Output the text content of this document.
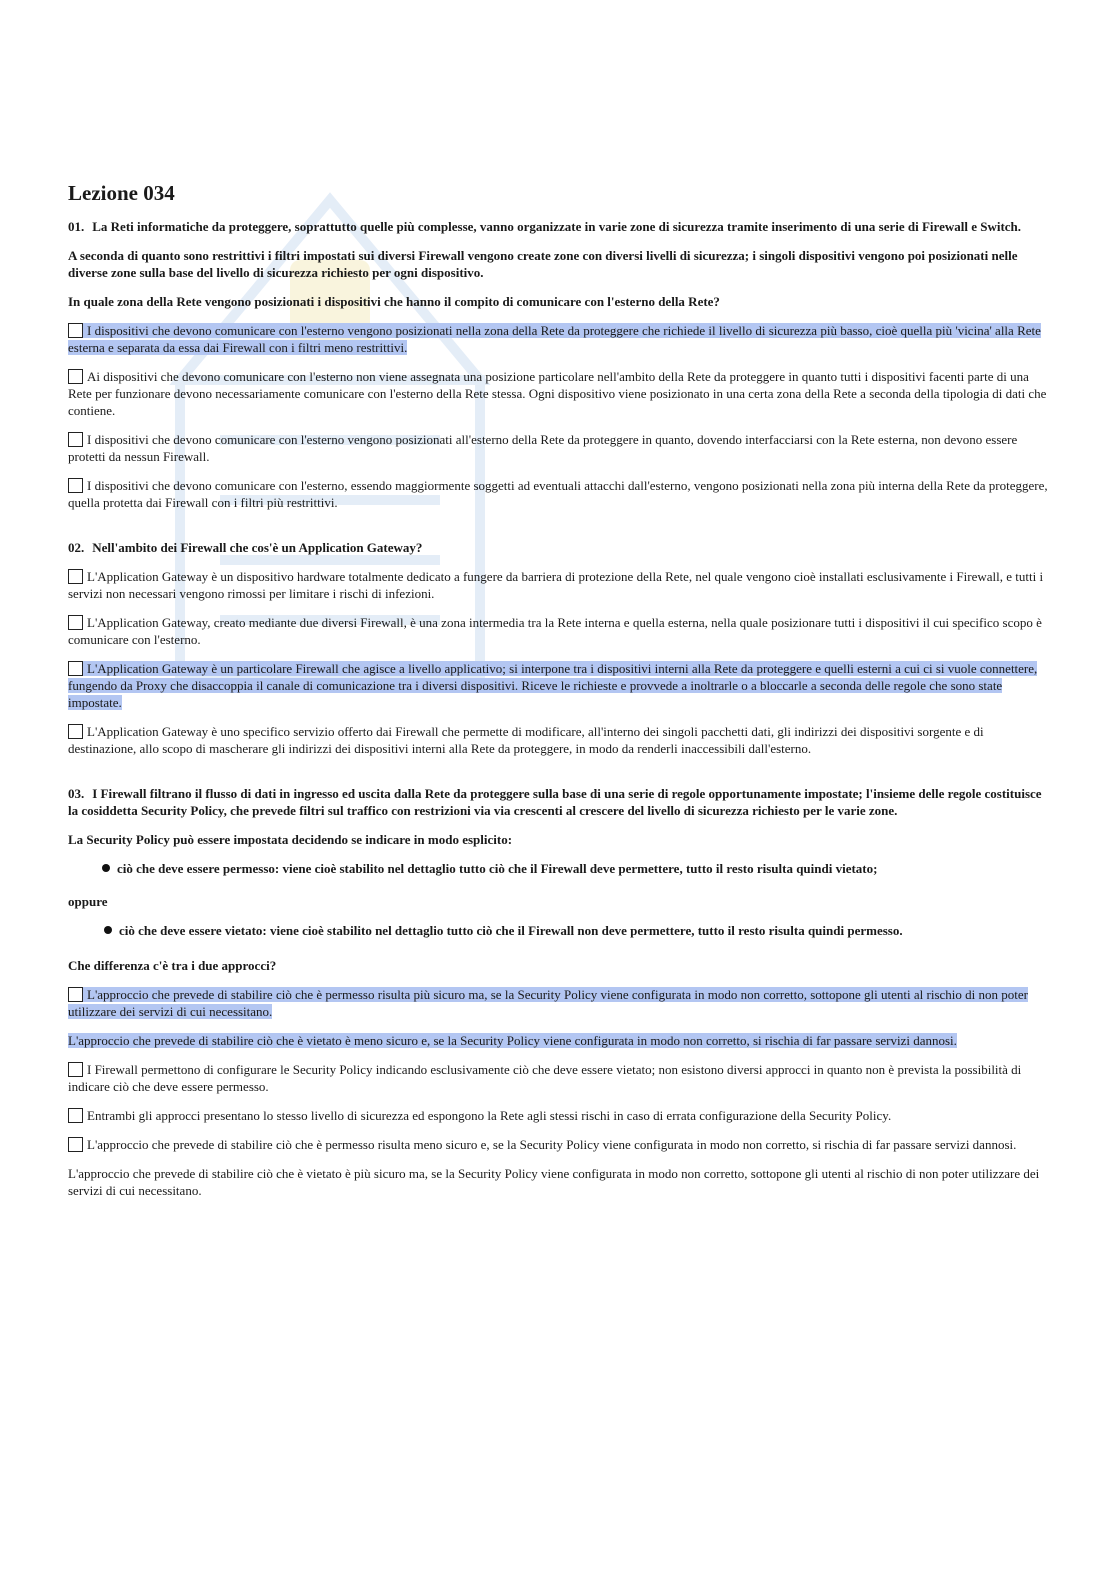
Lezione 034
01. La Reti informatiche da proteggere, soprattutto quelle più complesse, vanno organizzate in varie zone di sicurezza tramite inserimento di una serie di Firewall e Switch.
A seconda di quanto sono restrittivi i filtri impostati sui diversi Firewall vengono create zone con diversi livelli di sicurezza; i singoli dispositivi vengono poi posizionati nelle diverse zone sulla base del livello di sicurezza richiesto per ogni dispositivo.
In quale zona della Rete vengono posizionati i dispositivi che hanno il compito di comunicare con l'esterno della Rete?
I dispositivi che devono comunicare con l'esterno vengono posizionati nella zona della Rete da proteggere che richiede il livello di sicurezza più basso, cioè quella più 'vicina' alla Rete esterna e separata da essa dai Firewall con i filtri meno restrittivi.
Ai dispositivi che devono comunicare con l'esterno non viene assegnata una posizione particolare nell'ambito della Rete da proteggere in quanto tutti i dispositivi facenti parte di una Rete per funzionare devono necessariamente comunicare con l'esterno della Rete stessa. Ogni dispositivo viene posizionato in una certa zona della Rete a seconda della tipologia di dati che contiene.
I dispositivi che devono comunicare con l'esterno vengono posizionati all'esterno della Rete da proteggere in quanto, dovendo interfacciarsi con la Rete esterna, non devono essere protetti da nessun Firewall.
I dispositivi che devono comunicare con l'esterno, essendo maggiormente soggetti ad eventuali attacchi dall'esterno, vengono posizionati nella zona più interna della Rete da proteggere, quella protetta dai Firewall con i filtri più restrittivi.
02. Nell'ambito dei Firewall che cos'è un Application Gateway?
L'Application Gateway è un dispositivo hardware totalmente dedicato a fungere da barriera di protezione della Rete, nel quale vengono cioè installati esclusivamente i Firewall, e tutti i servizi non necessari vengono rimossi per limitare i rischi di infezioni.
L'Application Gateway, creato mediante due diversi Firewall, è una zona intermedia tra la Rete interna e quella esterna, nella quale posizionare tutti i dispositivi il cui specifico scopo è comunicare con l'esterno.
L'Application Gateway è un particolare Firewall che agisce a livello applicativo; si interpone tra i dispositivi interni alla Rete da proteggere e quelli esterni a cui ci si vuole connettere, fungendo da Proxy che disaccoppia il canale di comunicazione tra i diversi dispositivi. Riceve le richieste e provvede a inoltrarle o a bloccarle a seconda delle regole che sono state impostate.
L'Application Gateway è uno specifico servizio offerto dai Firewall che permette di modificare, all'interno dei singoli pacchetti dati, gli indirizzi dei dispositivi sorgente e di destinazione, allo scopo di mascherare gli indirizzi dei dispositivi interni alla Rete da proteggere, in modo da renderli inaccessibili dall'esterno.
03. I Firewall filtrano il flusso di dati in ingresso ed uscita dalla Rete da proteggere sulla base di una serie di regole opportunamente impostate; l'insieme delle regole costituisce la cosiddetta Security Policy, che prevede filtri sul traffico con restrizioni via via crescenti al crescere del livello di sicurezza richiesto per le varie zone.
La Security Policy può essere impostata decidendo se indicare in modo esplicito:
ciò che deve essere permesso: viene cioè stabilito nel dettaglio tutto ciò che il Firewall deve permettere, tutto il resto risulta quindi vietato;
oppure
ciò che deve essere vietato: viene cioè stabilito nel dettaglio tutto ciò che il Firewall non deve permettere, tutto il resto risulta quindi permesso.
Che differenza c'è tra i due approcci?
L'approccio che prevede di stabilire ciò che è permesso risulta più sicuro ma, se la Security Policy viene configurata in modo non corretto, sottopone gli utenti al rischio di non poter utilizzare dei servizi di cui necessitano.
L'approccio che prevede di stabilire ciò che è vietato è meno sicuro e, se la Security Policy viene configurata in modo non corretto, si rischia di far passare servizi dannosi.
I Firewall permettono di configurare le Security Policy indicando esclusivamente ciò che deve essere vietato; non esistono diversi approcci in quanto non è prevista la possibilità di indicare ciò che deve essere permesso.
Entrambi gli approcci presentano lo stesso livello di sicurezza ed espongono la Rete agli stessi rischi in caso di errata configurazione della Security Policy.
L'approccio che prevede di stabilire ciò che è permesso risulta meno sicuro e, se la Security Policy viene configurata in modo non corretto, si rischia di far passare servizi dannosi.
L'approccio che prevede di stabilire ciò che è vietato è più sicuro ma, se la Security Policy viene configurata in modo non corretto, sottopone gli utenti al rischio di non poter utilizzare dei servizi di cui necessitano.
